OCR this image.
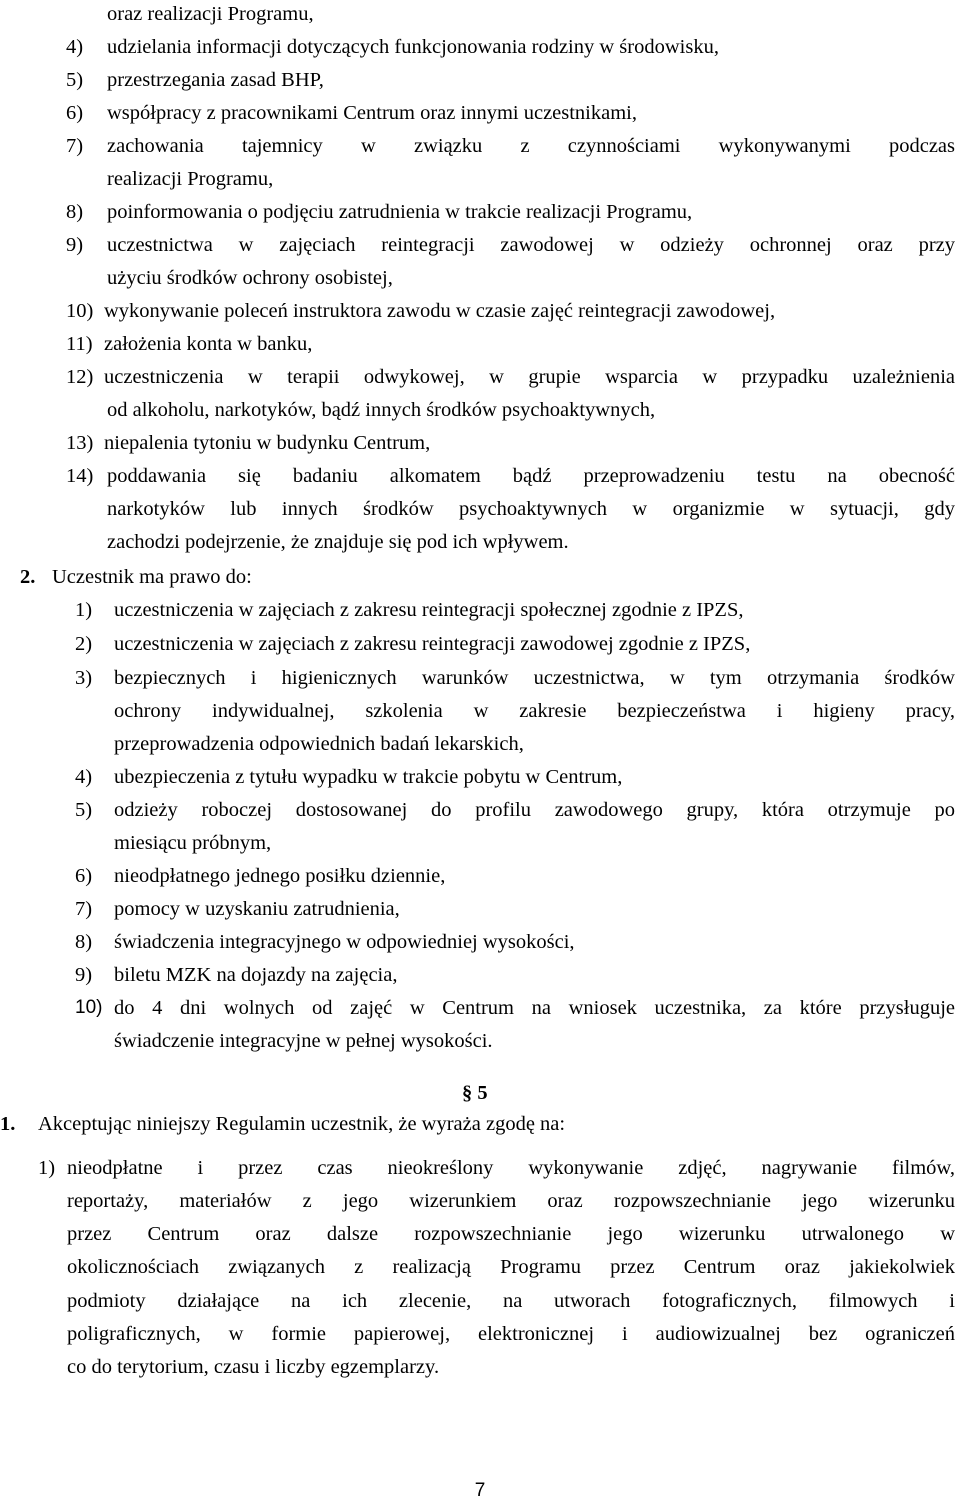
oraz realizacji Programu,
4) udzielania informacji dotyczących funkcjonowania rodziny w środowisku,
5) przestrzegania zasad BHP,
6) współpracy z pracownikami Centrum oraz innymi uczestnikami,
7) zachowania tajemnicy w związku z czynnościami wykonywanymi podczas
realizacji Programu,
8) poinformowania o podjęciu zatrudnienia w trakcie realizacji Programu,
9) uczestnictwa w zajęciach reintegracji zawodowej w odzieży ochronnej oraz przy
użyciu środków ochrony osobistej,
10) wykonywanie poleceń instruktora zawodu w czasie zajęć reintegracji zawodowej,
11) założenia konta w banku,
12) uczestniczenia w terapii odwykowej, w grupie wsparcia w przypadku uzależnienia
od alkoholu, narkotyków, bądź innych środków psychoaktywnych,
13) niepalenia tytoniu w budynku Centrum,
14) poddawania się badaniu alkomatem bądź przeprowadzeniu testu na obecność
narkotyków lub innych środków psychoaktywnych w organizmie w sytuacji, gdy
zachodzi podejrzenie, że znajduje się pod ich wpływem.
2. Uczestnik ma prawo do:
1) uczestniczenia w zajęciach z zakresu reintegracji społecznej zgodnie z IPZS,
2) uczestniczenia w zajęciach z zakresu reintegracji zawodowej zgodnie z IPZS,
3) bezpiecznych i higienicznych warunków uczestnictwa, w tym otrzymania środków
ochrony indywidualnej, szkolenia w zakresie bezpieczeństwa i higieny pracy,
przeprowadzenia odpowiednich badań lekarskich,
4) ubezpieczenia z tytułu wypadku w trakcie pobytu w Centrum,
5) odzieży roboczej dostosowanej do profilu zawodowego grupy, która otrzymuje po
miesiącu próbnym,
6) nieodpłatnego jednego posiłku dziennie,
7) pomocy w uzyskaniu zatrudnienia,
8) świadczenia integracyjnego w odpowiedniej wysokości,
9) biletu MZK na dojazdy na zajęcia,
10) do 4 dni wolnych od zajęć w Centrum na wniosek uczestnika, za które przysługuje
świadczenie integracyjne w pełnej wysokości.
§ 5
1. Akceptując niniejszy Regulamin uczestnik, że wyraża zgodę na:
1) nieodpłatne i przez czas nieokreślony wykonywanie zdjęć, nagrywanie filmów,
reportaży, materiałów z jego wizerunkiem oraz rozpowszechnianie jego wizerunku
przez Centrum oraz dalsze rozpowszechnianie jego wizerunku utrwalonego w
okolicznościach związanych z realizacją Programu przez Centrum oraz jakiekolwiek
podmioty działające na ich zlecenie, na utworach fotograficznych, filmowych i
poligraficznych, w formie papierowej, elektronicznej i audiowizualnej bez ograniczeń
co do terytorium, czasu i liczby egzemplarzy.
7
